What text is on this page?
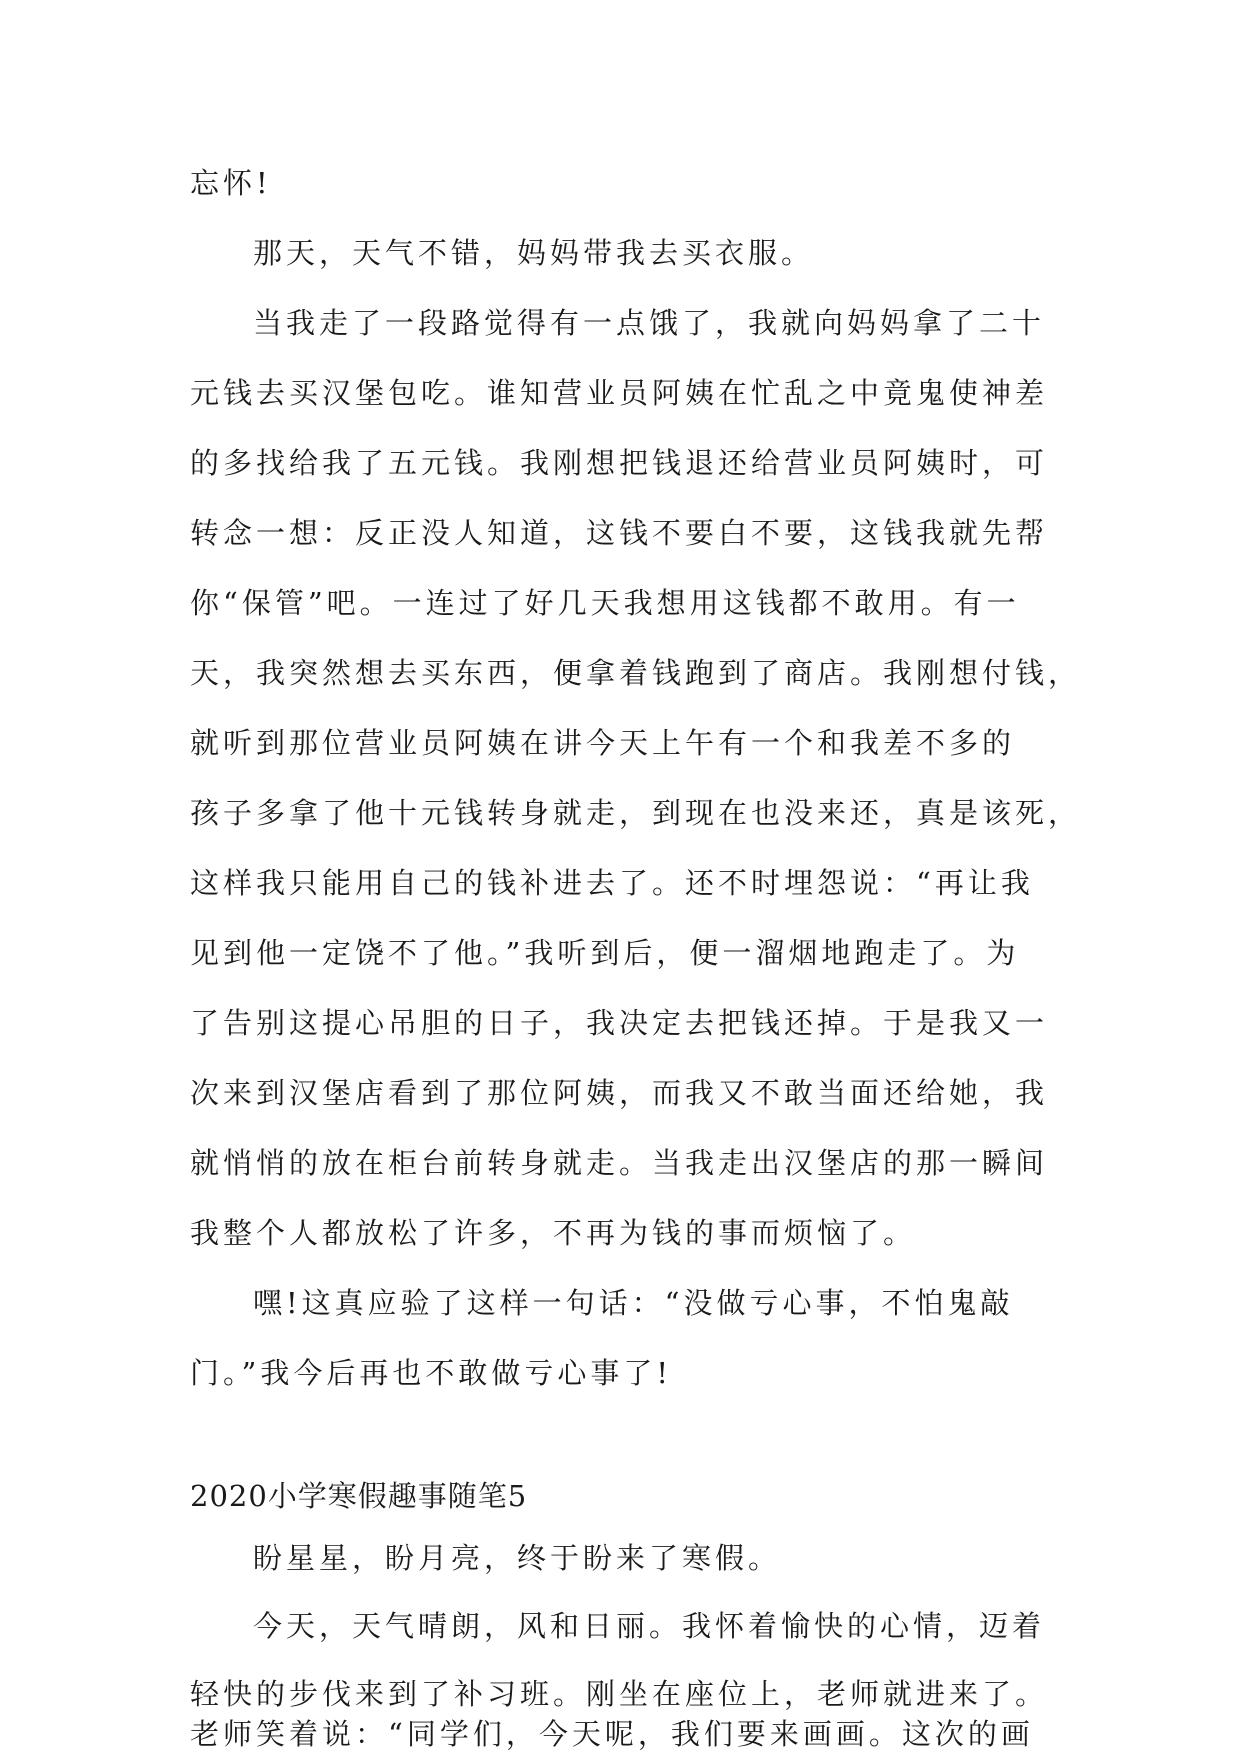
忘怀!
那天，天气不错，妈妈带我去买衣服。
当我走了一段路觉得有一点饿了，我就向妈妈拿了二十
元钱去买汉堡包吃。谁知营业员阿姨在忙乱之中竟鬼使神差
的多找给我了五元钱。我刚想把钱退还给营业员阿姨时，可
转念一想：反正没人知道，这钱不要白不要，这钱我就先帮
你“保管”吧。一连过了好几天我想用这钱都不敢用。有一
天，我突然想去买东西，便拿着钱跑到了商店。我刚想付钱，
就听到那位营业员阿姨在讲今天上午有一个和我差不多的
孩子多拿了他十元钱转身就走，到现在也没来还，真是该死，
这样我只能用自己的钱补进去了。还不时埋怨说：“再让我
见到他一定饶不了他。”我听到后，便一溜烟地跑走了。为
了告别这提心吊胆的日子，我决定去把钱还掉。于是我又一
次来到汉堡店看到了那位阿姨，而我又不敢当面还给她，我
就悄悄的放在柜台前转身就走。当我走出汉堡店的那一瞬间
我整个人都放松了许多，不再为钱的事而烦恼了。
嘿!这真应验了这样一句话：“没做亏心事，不怕鬼敲
门。”我今后再也不敢做亏心事了!
2020小学寒假趣事随笔5
盼星星，盼月亮，终于盼来了寒假。
今天，天气晴朗，风和日丽。我怀着愉快的心情，迈着
轻快的步伐来到了补习班。刚坐在座位上，老师就进来了。
老师笑着说：“同学们，今天呢，我们要来画画。这次的画
